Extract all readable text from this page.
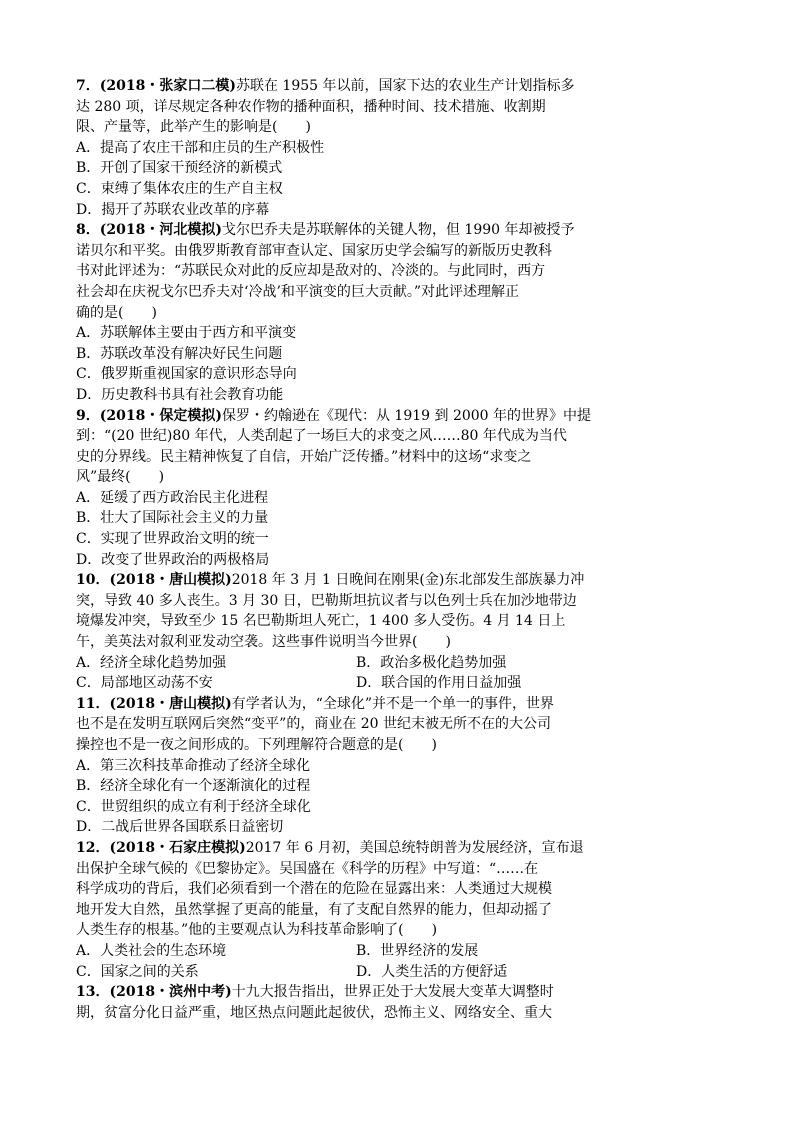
7．(2018・张家口二模)苏联在 1955 年以前，国家下达的农业生产计划指标多

达 280 项，详尽规定各种农作物的播种面积，播种时间、技术措施、收割期

限、产量等，此举产生的影响是(　　)

A．提高了农庄干部和庄员的生产积极性

B．开创了国家干预经济的新模式

C．束缚了集体农庄的生产自主权

D．揭开了苏联农业改革的序幕

8．(2018・河北模拟)戈尔巴乔夫是苏联解体的关键人物，但 1990 年却被授予

诺贝尔和平奖。由俄罗斯教育部审查认定、国家历史学会编写的新版历史教科

书对此评述为：“苏联民众对此的反应却是敌对的、冷淡的。与此同时，西方

社会却在庆祝戈尔巴乔夫对‘冷战’和平演变的巨大贡献。”对此评述理解正

确的是(　　)

A．苏联解体主要由于西方和平演变

B．苏联改革没有解决好民生问题

C．俄罗斯重视国家的意识形态导向

D．历史教科书具有社会教育功能

9．(2018・保定模拟)保罗・约翰逊在《现代：从 1919 到 2000 年的世界》中提

到：“(20 世纪)80 年代，人类刮起了一场巨大的求变之风……80 年代成为当代

史的分界线。民主精神恢复了自信，开始广泛传播。”材料中的这场“求变之

风”最终(　　)

A．延缓了西方政治民主化进程

B．壮大了国际社会主义的力量

C．实现了世界政治文明的统一

D．改变了世界政治的两极格局

10．(2018・唐山模拟)2018 年 3 月 1 日晚间在刚果(金)东北部发生部族暴力冲

突，导致 40 多人丧生。3 月 30 日，巴勒斯坦抗议者与以色列士兵在加沙地带边

境爆发冲突，导致至少 15 名巴勒斯坦人死亡，1 400 多人受伤。4 月 14 日上

午，美英法对叙利亚发动空袭。这些事件说明当今世界(　　)

A．经济全球化趋势加强	B．政治多极化趋势加强

C．局部地区动荡不安	D．联合国的作用日益加强

11．(2018・唐山模拟)有学者认为，“全球化”并不是一个单一的事件，世界

也不是在发明互联网后突然“变平”的，商业在 20 世纪末被无所不在的大公司

操控也不是一夜之间形成的。下列理解符合题意的是(　　)

A．第三次科技革命推动了经济全球化

B．经济全球化有一个逐渐演化的过程

C．世贸组织的成立有利于经济全球化

D．二战后世界各国联系日益密切

12．(2018・石家庄模拟)2017 年 6 月初，美国总统特朗普为发展经济，宣布退

出保护全球气候的《巴黎协定》。吴国盛在《科学的历程》中写道：“……在

科学成功的背后，我们必须看到一个潜在的危险在显露出来：人类通过大规模

地开发大自然，虽然掌握了更高的能量，有了支配自然界的能力，但却动摇了

人类生存的根基。”他的主要观点认为科技革命影响了(　　)

A．人类社会的生态环境	B．世界经济的发展

C．国家之间的关系	D．人类生活的方便舒适

13．(2018・滨州中考)十九大报告指出，世界正处于大发展大变革大调整时

期，贫富分化日益严重，地区热点问题此起彼伏，恐怖主义、网络安全、重大
